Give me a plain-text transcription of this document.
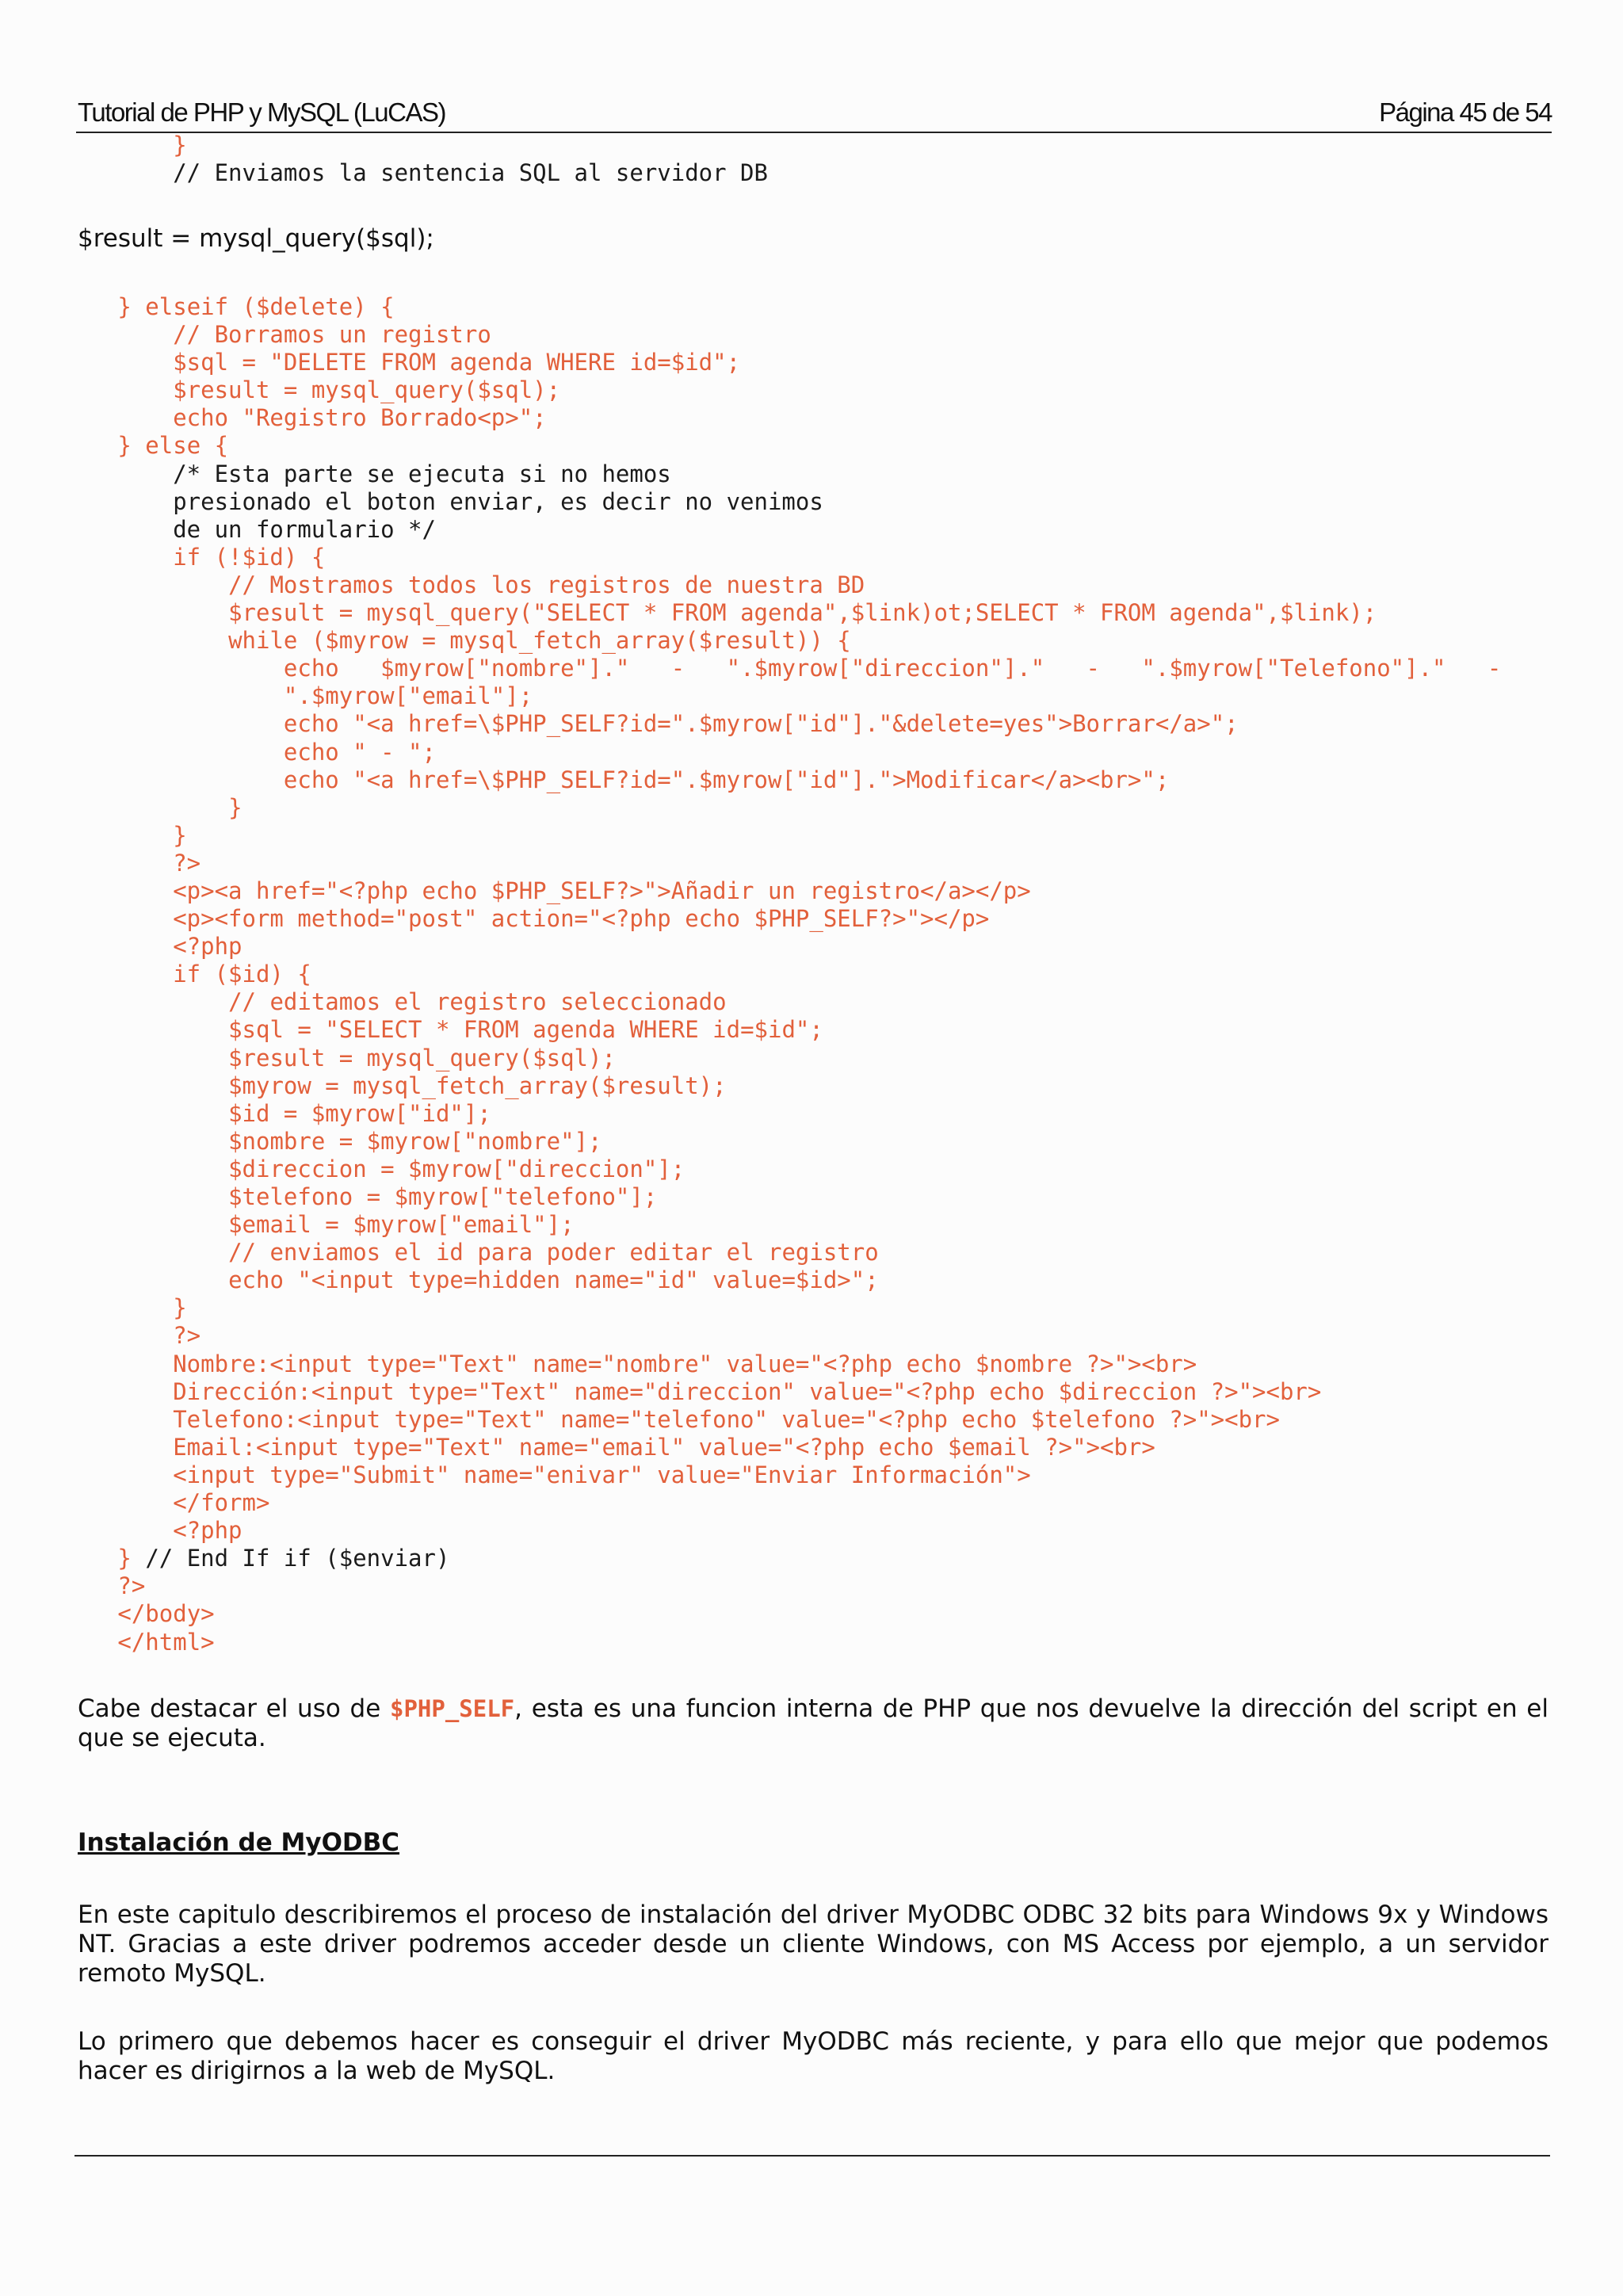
Tutorial de PHP y MySQL (LuCAS)	Página 45 de 54
}
// Enviamos la sentencia SQL al servidor DB
$result = mysql_query($sql);
} elseif ($delete) {
// Borramos un registro
$sql = "DELETE FROM agenda WHERE id=$id";
$result = mysql_query($sql);
echo "Registro Borrado<p>";
} else {
/* Esta parte se ejecuta si no hemos
presionado el boton enviar, es decir no venimos
de un formulario */
if (!$id) {
// Mostramos todos los registros de nuestra BD
$result = mysql_query("SELECT * FROM agenda",$link)ot;SELECT * FROM agenda",$link);
while ($myrow = mysql_fetch_array($result)) {
echo   $myrow["nombre"]."   -   ".$myrow["direccion"]."   -   ".$myrow["Telefono"]."   -
".$myrow["email"];
echo "<a href=\$PHP_SELF?id=".$myrow["id"]."&delete=yes">Borrar</a>";
echo " - ";
echo "<a href=\$PHP_SELF?id=".$myrow["id"].">Modificar</a><br>";
}
}
?>
<p><a href="<?php echo $PHP_SELF?>">Añadir un registro</a></p>
<p><form method="post" action="<?php echo $PHP_SELF?>"></p>
<?php
if ($id) {
// editamos el registro seleccionado
$sql = "SELECT * FROM agenda WHERE id=$id";
$result = mysql_query($sql);
$myrow = mysql_fetch_array($result);
$id = $myrow["id"];
$nombre = $myrow["nombre"];
$direccion = $myrow["direccion"];
$telefono = $myrow["telefono"];
$email = $myrow["email"];
// enviamos el id para poder editar el registro
echo "<input type=hidden name="id" value=$id>";
}
?>
Nombre:<input type="Text" name="nombre" value="<?php echo $nombre ?>"><br>
Dirección:<input type="Text" name="direccion" value="<?php echo $direccion ?>"><br>
Telefono:<input type="Text" name="telefono" value="<?php echo $telefono ?>"><br>
Email:<input type="Text" name="email" value="<?php echo $email ?>"><br>
<input type="Submit" name="enivar" value="Enviar Información">
</form>
<?php
} // End If if ($enviar)
?>
</body>
</html>
Cabe destacar el uso de $PHP_SELF, esta es una funcion interna de PHP que nos devuelve la dirección del script en el que se ejecuta.
Instalación de MyODBC
En este capitulo describiremos el proceso de instalación del driver MyODBC ODBC 32 bits para Windows 9x y Windows NT. Gracias a este driver podremos acceder desde un cliente Windows, con MS Access por ejemplo, a un servidor remoto MySQL.
Lo primero que debemos hacer es conseguir el driver MyODBC más reciente, y para ello que mejor que podemos hacer es dirigirnos a la web de MySQL.
